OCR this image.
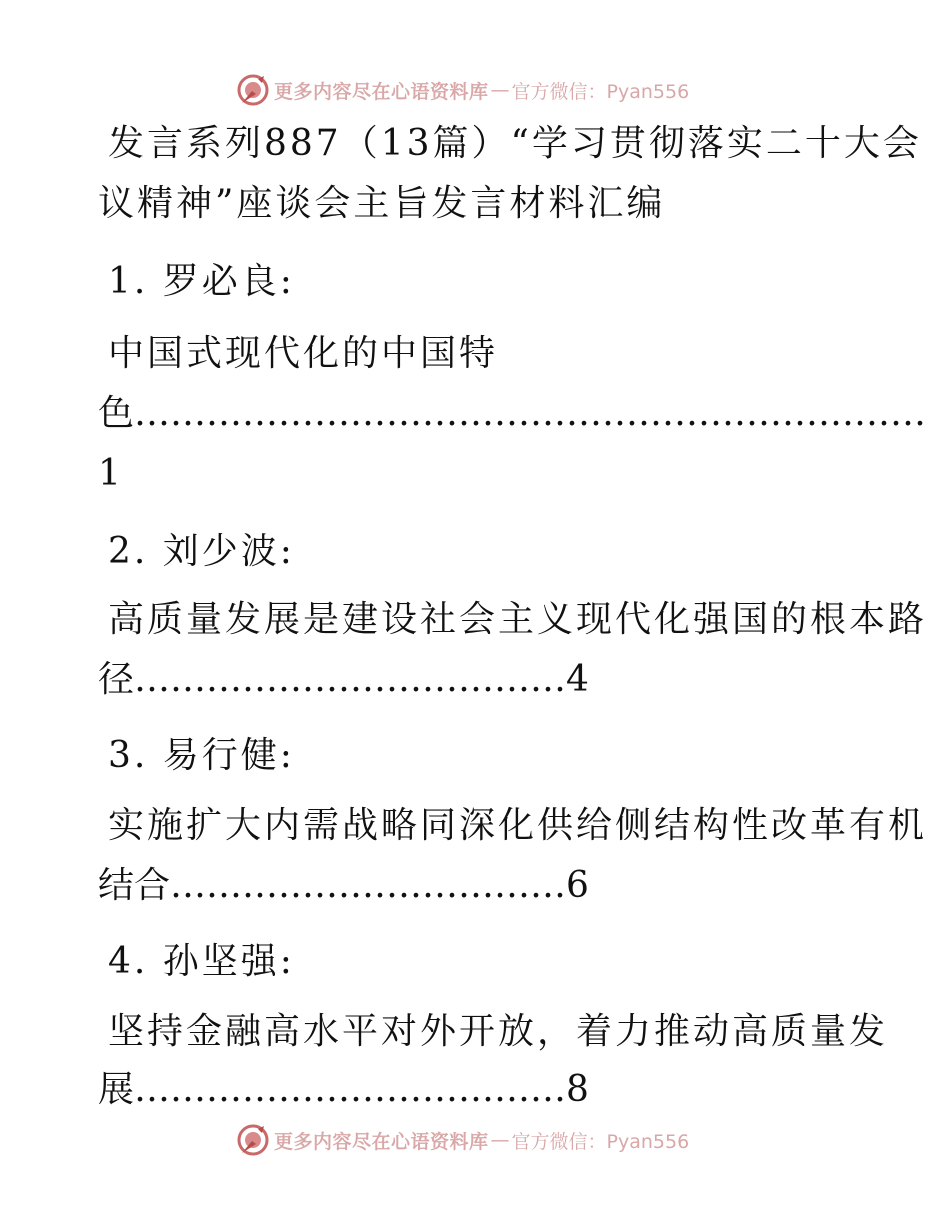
更多内容尽在心语资料库 — 官方微信：Pyan556
发言系列887（13篇）“学习贯彻落实二十大会
议精神”座谈会主旨发言材料汇编
1. 罗必良:
中国式现代化的中国特
色…………………………………………………………
1
2. 刘少波:
高质量发展是建设社会主义现代化强国的根本路
径………………………………4
3. 易行健:
实施扩大内需战略同深化供给侧结构性改革有机
结合……………………………6
4. 孙坚强:
坚持金融高水平对外开放，着力推动高质量发
展………………………………8
更多内容尽在心语资料库 — 官方微信：Pyan556
